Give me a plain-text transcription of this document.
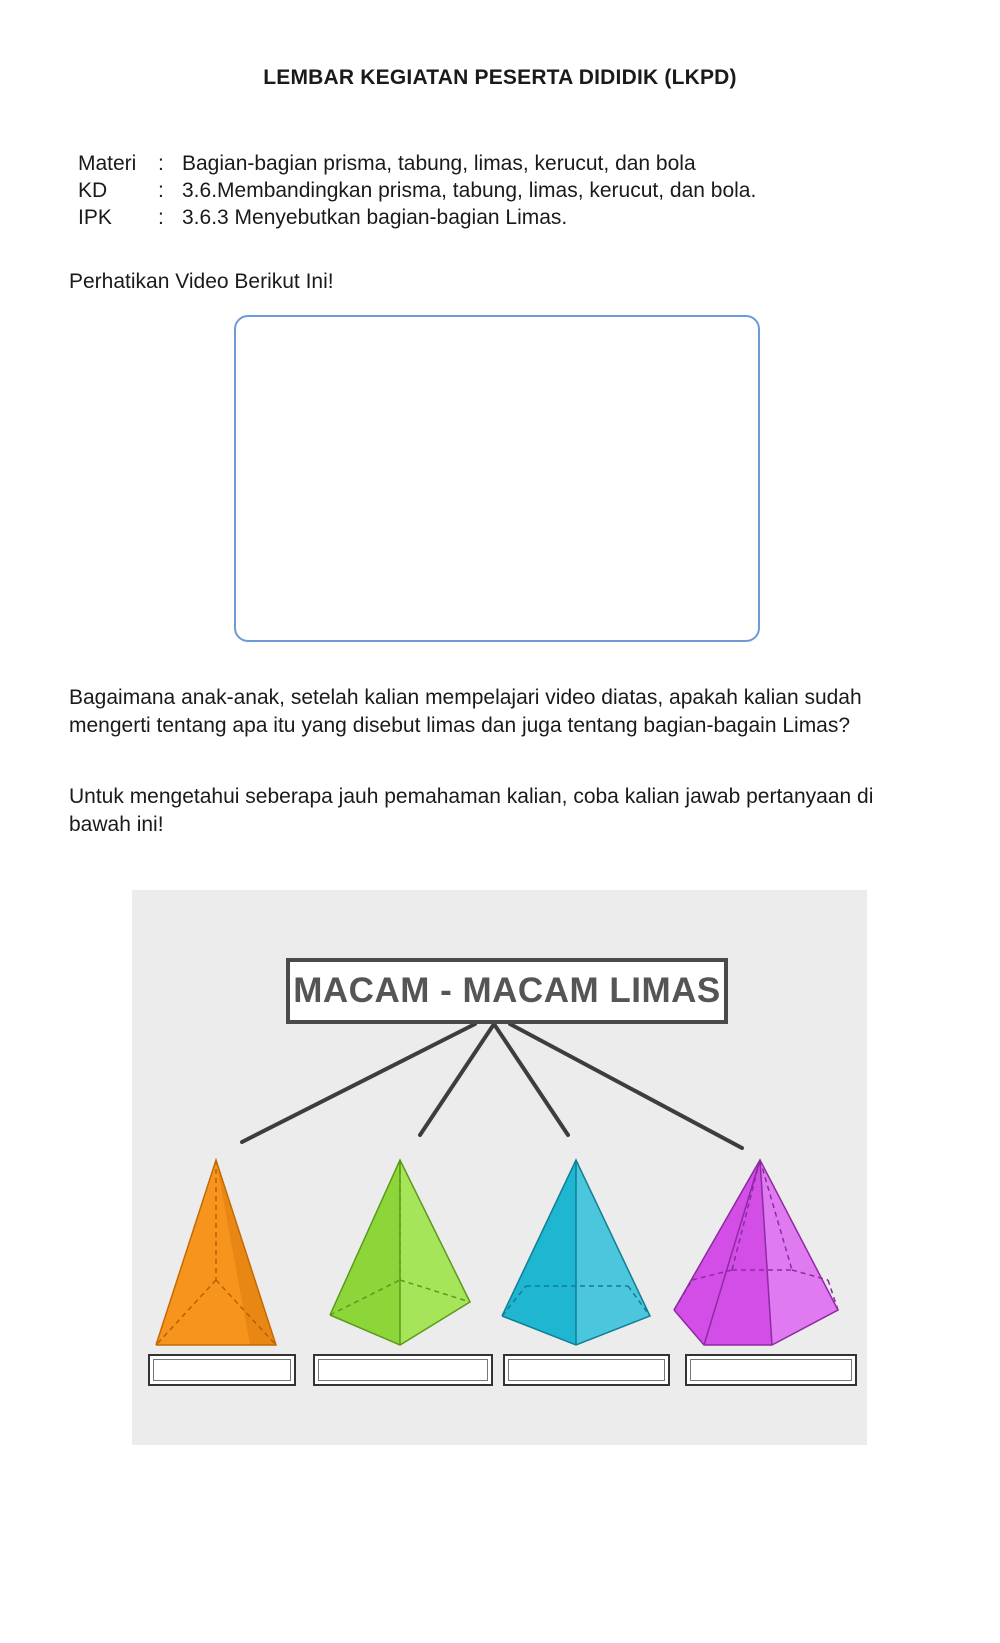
LEMBAR KEGIATAN PESERTA DIDIDIK (LKPD)
Materi	: Bagian-bagian prisma, tabung, limas, kerucut, dan bola
KD	: 3.6.Membandingkan prisma, tabung, limas, kerucut, dan bola.
IPK	: 3.6.3 Menyebutkan bagian-bagian Limas.
Perhatikan Video Berikut Ini!
Bagaimana anak-anak, setelah kalian mempelajari video diatas, apakah kalian sudah mengerti tentang apa itu yang disebut limas dan juga tentang bagian-bagain Limas?
Untuk mengetahui seberapa jauh pemahaman kalian, coba kalian jawab pertanyaan di bawah ini!
MACAM - MACAM LIMAS
